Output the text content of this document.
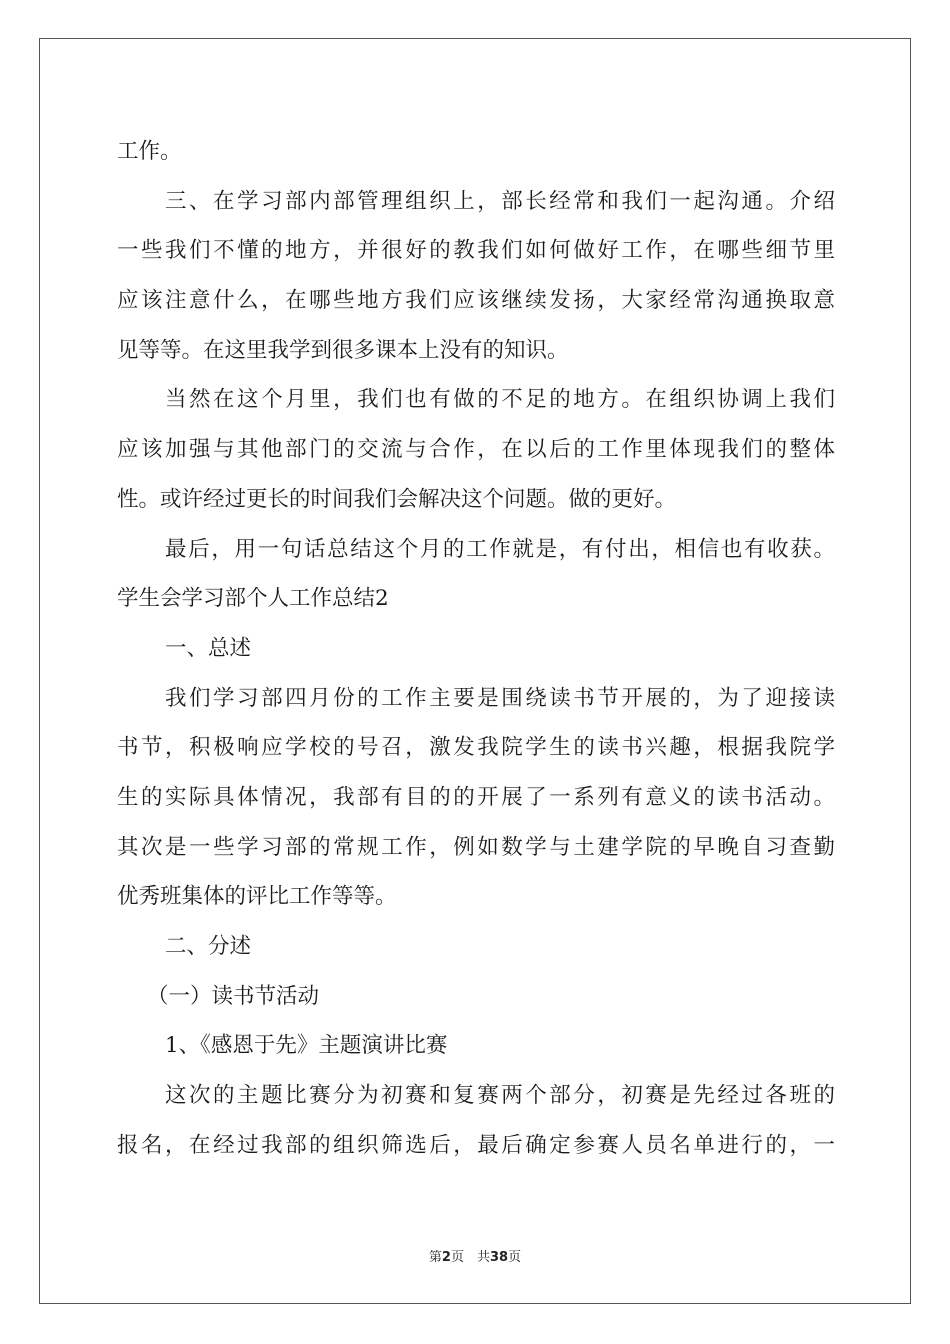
工作。
三、在学习部内部管理组织上，部长经常和我们一起沟通。介绍
一些我们不懂的地方，并很好的教我们如何做好工作，在哪些细节里
应该注意什么，在哪些地方我们应该继续发扬，大家经常沟通换取意
见等等。在这里我学到很多课本上没有的知识。
当然在这个月里，我们也有做的不足的地方。在组织协调上我们
应该加强与其他部门的交流与合作，在以后的工作里体现我们的整体
性。或许经过更长的时间我们会解决这个问题。做的更好。
最后，用一句话总结这个月的工作就是，有付出，相信也有收获。
学生会学习部个人工作总结2
一、总述
我们学习部四月份的工作主要是围绕读书节开展的，为了迎接读
书节，积极响应学校的号召，激发我院学生的读书兴趣，根据我院学
生的实际具体情况，我部有目的的开展了一系列有意义的读书活动。
其次是一些学习部的常规工作，例如数学与土建学院的早晚自习查勤
优秀班集体的评比工作等等。
二、分述
（一）读书节活动
1、《感恩于先》主题演讲比赛
这次的主题比赛分为初赛和复赛两个部分，初赛是先经过各班的
报名，在经过我部的组织筛选后，最后确定参赛人员名单进行的，一
第2页　共38页
